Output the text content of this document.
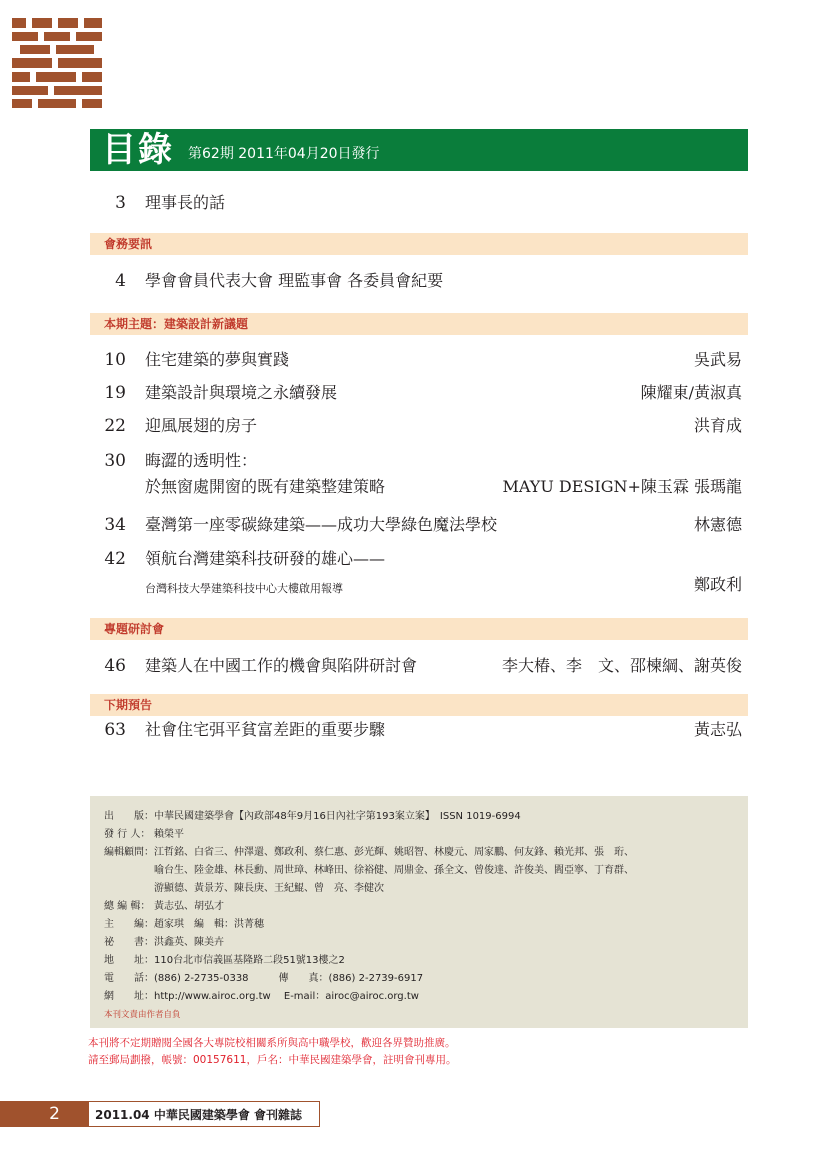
目錄 第62期 2011年04月20日發行
3 理事長的話
會務要訊
4 學會會員代表大會 理監事會 各委員會紀要
本期主題：建築設計新議題
10 住宅建築的夢與實踐	吳武易
19 建築設計與環境之永續發展	陳耀東/黃淑真
22 迎風展翅的房子	洪育成
30 晦澀的透明性：
於無窗處開窗的既有建築整建策略	MAYU DESIGN+陳玉霖 張瑪龍
34 臺灣第一座零碳綠建築——成功大學綠色魔法學校	林憲德
42 領航台灣建築科技研發的雄心——
台灣科技大學建築科技中心大樓啟用報導	鄭政利
專題研討會
46 建築人在中國工作的機會與陷阱研討會	李大椿、李　文、邵楝綱、謝英俊
下期預告
63 社會住宅弭平貧富差距的重要步驟	黃志弘
出　　版：中華民國建築學會【內政部48年9月16日內社字第193案立案】　ISSN 1019-6994
發 行 人： 賴榮平
編輯顧問：江哲銘、白省三、仲澤還、鄭政利、蔡仁惠、彭光輝、姚昭智、林慶元、周家鵬、何友鋒、賴光邦、張　珩、
喻台生、陸金雄、林長勳、周世璋、林峰田、徐裕健、周鼎金、孫全文、曾俊達、許俊美、閻亞寧、丁育群、
游顯德、黃景芳、陳長庚、王紀鯤、曾　亮、李健次
總 編 輯： 黃志弘、胡弘才
主　　編：趙家琪　編　輯：洪菁穗
祕　　書：洪鑫英、陳美卉
地　　址：110台北市信義區基隆路二段51號13樓之2
電　　話：(886) 2-2735-0338　　　傳　　真：(886) 2-2739-6917
網　　址：http://www.airoc.org.tw　 E-mail：airoc@airoc.org.tw
本刊文責由作者自負
本刊將不定期贈閱全國各大專院校相關系所與高中職學校，歡迎各界贊助推廣。
請至郵局劃撥，帳號：00157611，戶名：中華民國建築學會，註明會刊專用。
2	2011.04 中華民國建築學會 會刊雜誌
